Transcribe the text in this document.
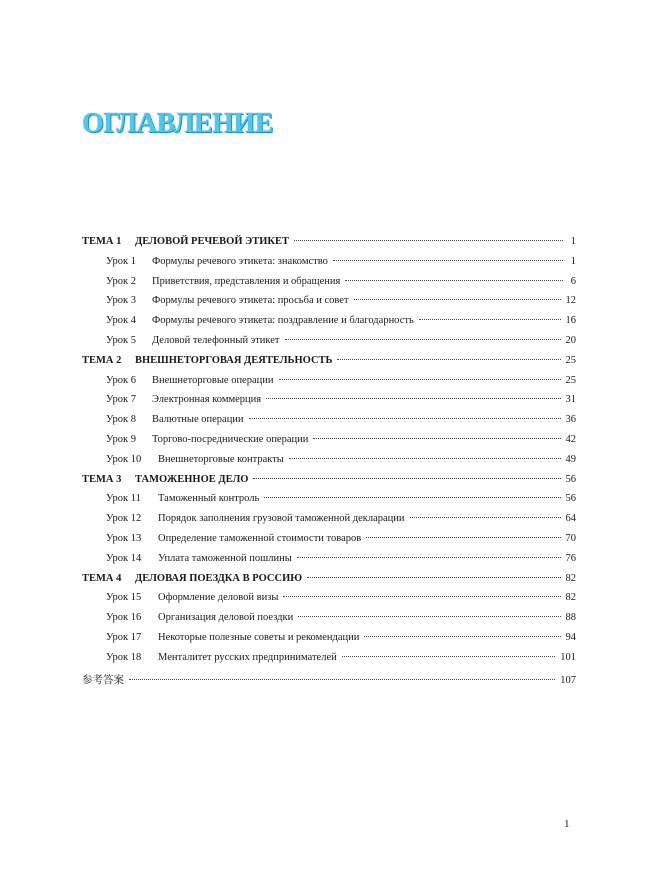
ОГЛАВЛЕНИЕ
ТЕМА 1	ДЕЛОВОЙ РЕЧЕВОЙ ЭТИКЕТ	1
Урок 1	Формулы речевого этикета: знакомство	1
Урок 2	Приветствия, представления и обращения	6
Урок 3	Формулы речевого этикета: просьба и совет	12
Урок 4	Формулы речевого этикета: поздравление и благодарность	16
Урок 5	Деловой телефонный этикет	20
ТЕМА 2	ВНЕШНЕТОРГОВАЯ ДЕЯТЕЛЬНОСТЬ	25
Урок 6	Внешнеторговые операции	25
Урок 7	Электронная коммерция	31
Урок 8	Валютные операции	36
Урок 9	Торгово-посреднические операции	42
Урок 10	Внешнеторговые контракты	49
ТЕМА 3	ТАМОЖЕННОЕ ДЕЛО	56
Урок 11	Таможенный контроль	56
Урок 12	Порядок заполнения грузовой таможенной декларации	64
Урок 13	Определение таможенной стоимости товаров	70
Урок 14	Уплата таможенной пошлины	76
ТЕМА 4	ДЕЛОВАЯ ПОЕЗДКА В РОССИЮ	82
Урок 15	Оформление деловой визы	82
Урок 16	Организация деловой поездки	88
Урок 17	Некоторые полезные советы и рекомендации	94
Урок 18	Менталитет русских предпринимателей	101
参考答案	107
1
